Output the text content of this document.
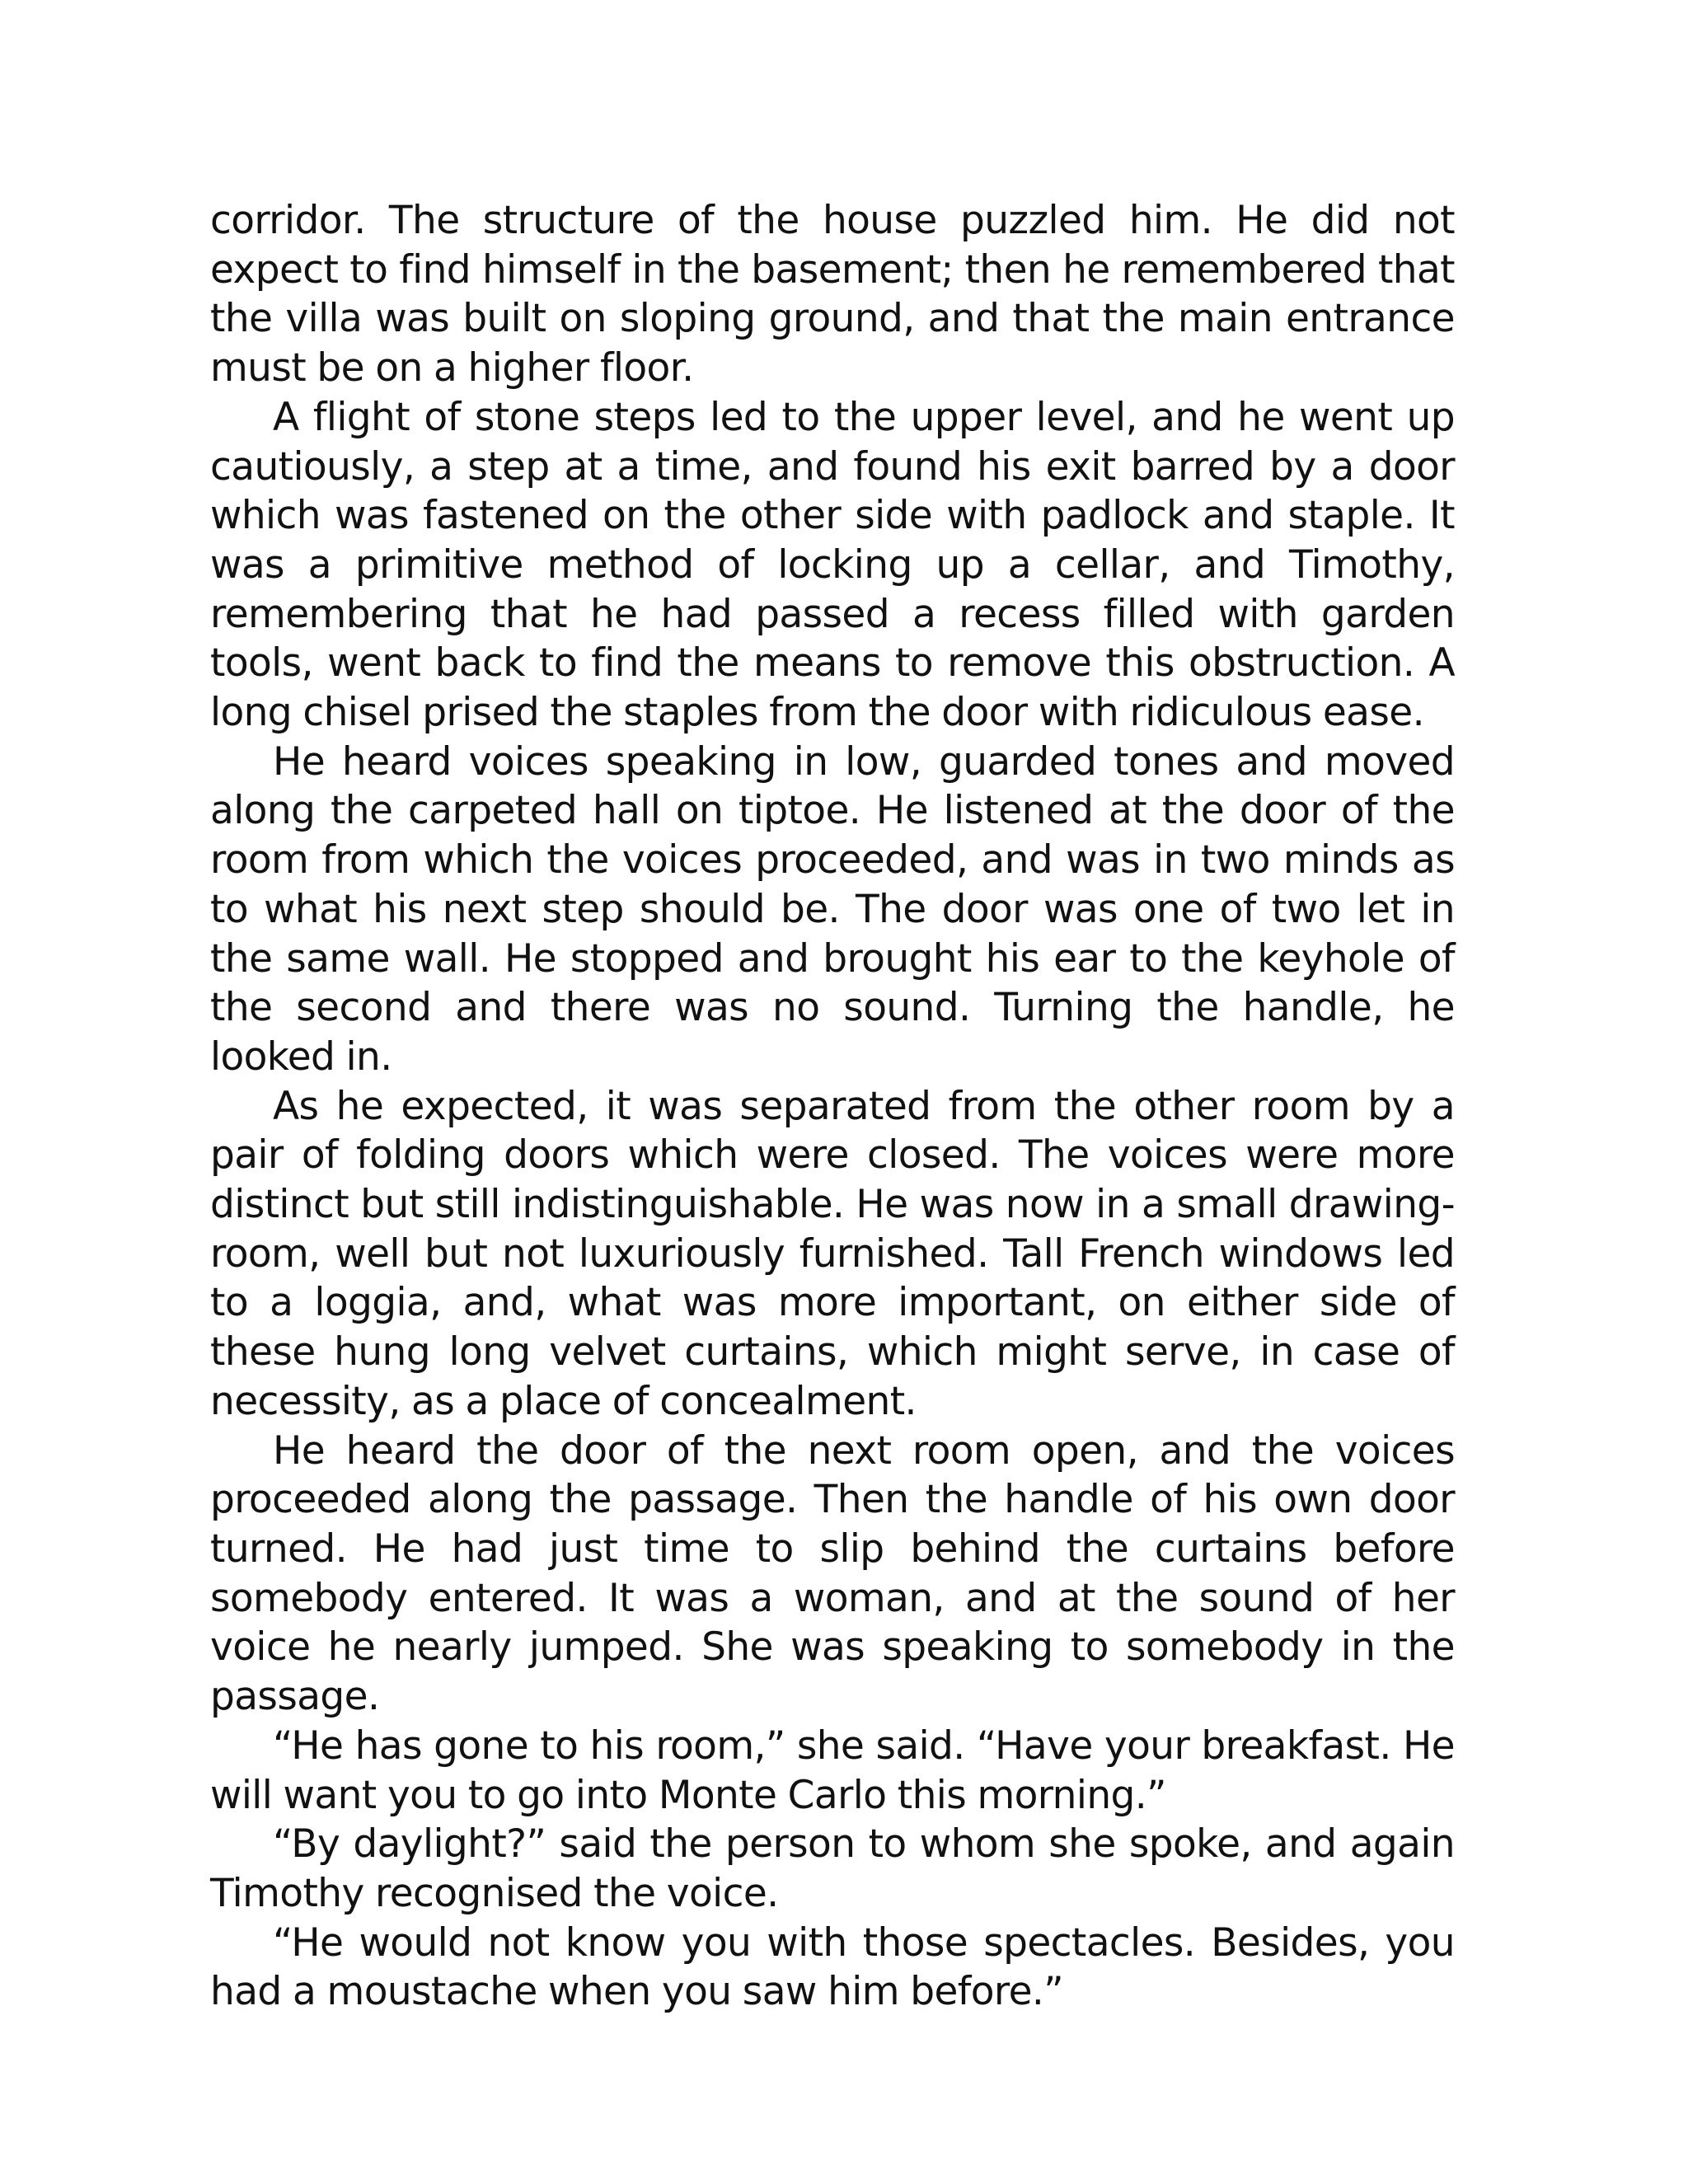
corridor. The structure of the house puzzled him. He did not expect to find himself in the basement; then he remembered that the villa was built on sloping ground, and that the main entrance must be on a higher floor.

A flight of stone steps led to the upper level, and he went up cautiously, a step at a time, and found his exit barred by a door which was fastened on the other side with padlock and staple. It was a primitive method of locking up a cellar, and Timothy, remembering that he had passed a recess filled with garden tools, went back to find the means to remove this obstruction. A long chisel prised the staples from the door with ridiculous ease.

He heard voices speaking in low, guarded tones and moved along the carpeted hall on tiptoe. He listened at the door of the room from which the voices proceeded, and was in two minds as to what his next step should be. The door was one of two let in the same wall. He stopped and brought his ear to the keyhole of the second and there was no sound. Turning the handle, he looked in.

As he expected, it was separated from the other room by a pair of folding doors which were closed. The voices were more distinct but still indistinguishable. He was now in a small drawing-room, well but not luxuriously furnished. Tall French windows led to a loggia, and, what was more important, on either side of these hung long velvet curtains, which might serve, in case of necessity, as a place of concealment.

He heard the door of the next room open, and the voices proceeded along the passage. Then the handle of his own door turned. He had just time to slip behind the curtains before somebody entered. It was a woman, and at the sound of her voice he nearly jumped. She was speaking to somebody in the passage.

“He has gone to his room,” she said. “Have your breakfast. He will want you to go into Monte Carlo this morning.”

“By daylight?” said the person to whom she spoke, and again Timothy recognised the voice.

“He would not know you with those spectacles. Besides, you had a moustache when you saw him before.”
